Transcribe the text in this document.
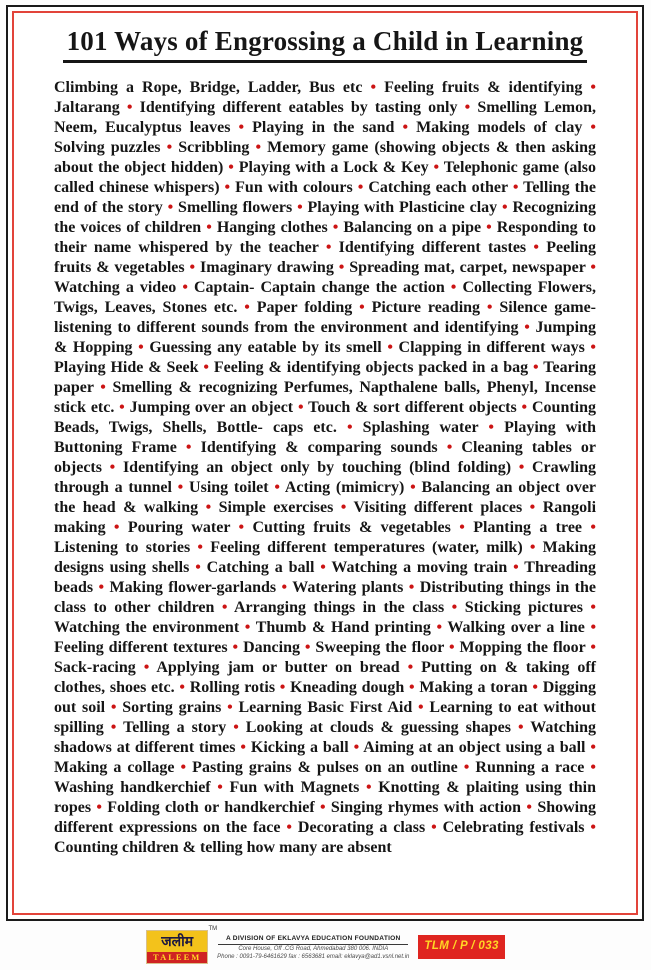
101 Ways of Engrossing a Child in Learning

Climbing a Rope, Bridge, Ladder, Bus etc • Feeling fruits & identifying • Jaltarang • Identifying different eatables by tasting only • Smelling Lemon, Neem, Eucalyptus leaves • Playing in the sand • Making models of clay • Solving puzzles • Scribbling • Memory game (showing objects & then asking about the object hidden) • Playing with a Lock & Key • Telephonic game (also called chinese whispers) • Fun with colours • Catching each other • Telling the end of the story • Smelling flowers • Playing with Plasticine clay • Recognizing the voices of children • Hanging clothes • Balancing on a pipe • Responding to their name whispered by the teacher • Identifying different tastes • Peeling fruits & vegetables • Imaginary drawing • Spreading mat, carpet, newspaper • Watching a video • Captain- Captain change the action • Collecting Flowers, Twigs, Leaves, Stones etc. • Paper folding • Picture reading • Silence game- listening to different sounds from the environment and identifying • Jumping & Hopping • Guessing any eatable by its smell • Clapping in different ways • Playing Hide & Seek • Feeling & identifying objects packed in a bag • Tearing paper • Smelling & recognizing Perfumes, Napthalene balls, Phenyl, Incense stick etc. • Jumping over an object • Touch & sort different objects • Counting Beads, Twigs, Shells, Bottle- caps etc. • Splashing water • Playing with Buttoning Frame • Identifying & comparing sounds • Cleaning tables or objects • Identifying an object only by touching (blind folding) • Crawling through a tunnel • Using toilet • Acting (mimicry) • Balancing an object over the head & walking • Simple exercises • Visiting different places • Rangoli making • Pouring water • Cutting fruits & vegetables • Planting a tree • Listening to stories • Feeling different temperatures (water, milk) • Making designs using shells • Catching a ball • Watching a moving train • Threading beads • Making flower-garlands • Watering plants • Distributing things in the class to other children • Arranging things in the class • Sticking pictures • Watching the environment • Thumb & Hand printing • Walking over a line • Feeling different textures • Dancing • Sweeping the floor • Mopping the floor • Sack-racing • Applying jam or butter on bread • Putting on & taking off clothes, shoes etc. • Rolling rotis • Kneading dough • Making a toran • Digging out soil • Sorting grains • Learning Basic First Aid • Learning to eat without spilling • Telling a story • Looking at clouds & guessing shapes • Watching shadows at different times • Kicking a ball • Aiming at an object using a ball • Making a collage • Pasting grains & pulses on an outline • Running a race • Washing handkerchief • Fun with Magnets • Knotting & plaiting using thin ropes • Folding cloth or handkerchief • Singing rhymes with action • Showing different expressions on the face • Decorating a class • Celebrating festivals • Counting children & telling how many are absent

जलीम
TALEEM
TM
A DIVISION OF EKLAVYA EDUCATION FOUNDATION
Core House, Off .CG Road, Ahmedabad 380 006. INDIA
Phone : 0091-79-6461629 fax : 6563681 email: eklavya@ad1.vsnl.net.in
TLM / P / 033
